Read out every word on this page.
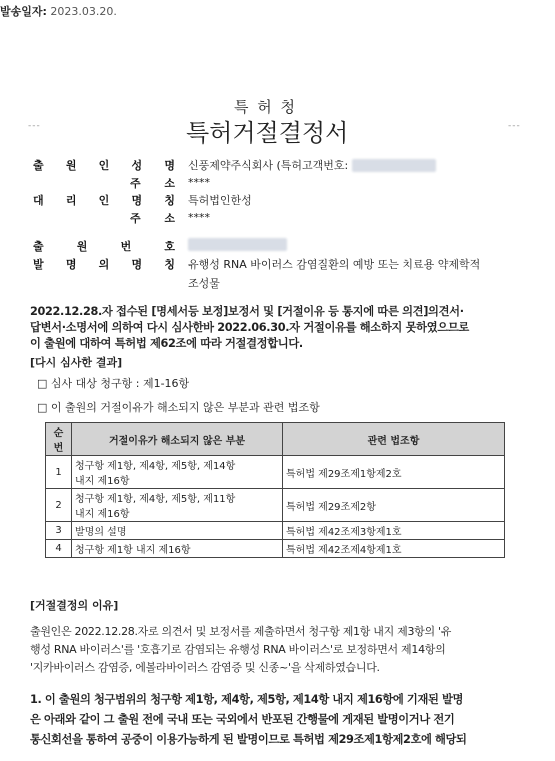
발송일자: 2023.03.20.
특 허 청
특허거절결정서
---	---
출 원 인 성 명 신풍제약주식회사 (특허고객번호:
주 소 ****
대 리 인 명 칭 특허법인한성
주 소 ****
출 원 번 호
발 명 의 명 칭 유행성 RNA 바이러스 감염질환의 예방 또는 치료용 약제학적
조성물
2022.12.28.자 접수된 [명세서등 보정]보정서 및 [거절이유 등 통지에 따른 의견]의견서·
답변서·소명서에 의하여 다시 심사한바 2022.06.30.자 거절이유를 해소하지 못하였으므로
이 출원에 대하여 특허법 제62조에 따라 거절결정합니다.
[다시 심사한 결과]
□ 심사 대상 청구항 : 제1-16항
□ 이 출원의 거절이유가 해소되지 않은 부분과 관련 법조항
순번	거절이유가 해소되지 않은 부분	관련 법조항
1	청구항 제1항, 제4항, 제5항, 제14항
내지 제16항	특허법 제29조제1항제2호
2	청구항 제1항, 제4항, 제5항, 제11항
내지 제16항	특허법 제29조제2항
3	발명의 설명	특허법 제42조제3항제1호
4	청구항 제1항 내지 제16항	특허법 제42조제4항제1호
[거절결정의 이유]
출원인은 2022.12.28.자로 의견서 및 보정서를 제출하면서 청구항 제1항 내지 제3항의 '유
행성 RNA 바이러스'를 '호흡기로 감염되는 유행성 RNA 바이러스'로 보정하면서 제14항의
'지카바이러스 감염증, 에볼라바이러스 감염증 및 신종~'을 삭제하였습니다.
1. 이 출원의 청구범위의 청구항 제1항, 제4항, 제5항, 제14항 내지 제16항에 기재된 발명
은 아래와 같이 그 출원 전에 국내 또는 국외에서 반포된 간행물에 게재된 발명이거나 전기
통신회선을 통하여 공중이 이용가능하게 된 발명이므로 특허법 제29조제1항제2호에 해당되
